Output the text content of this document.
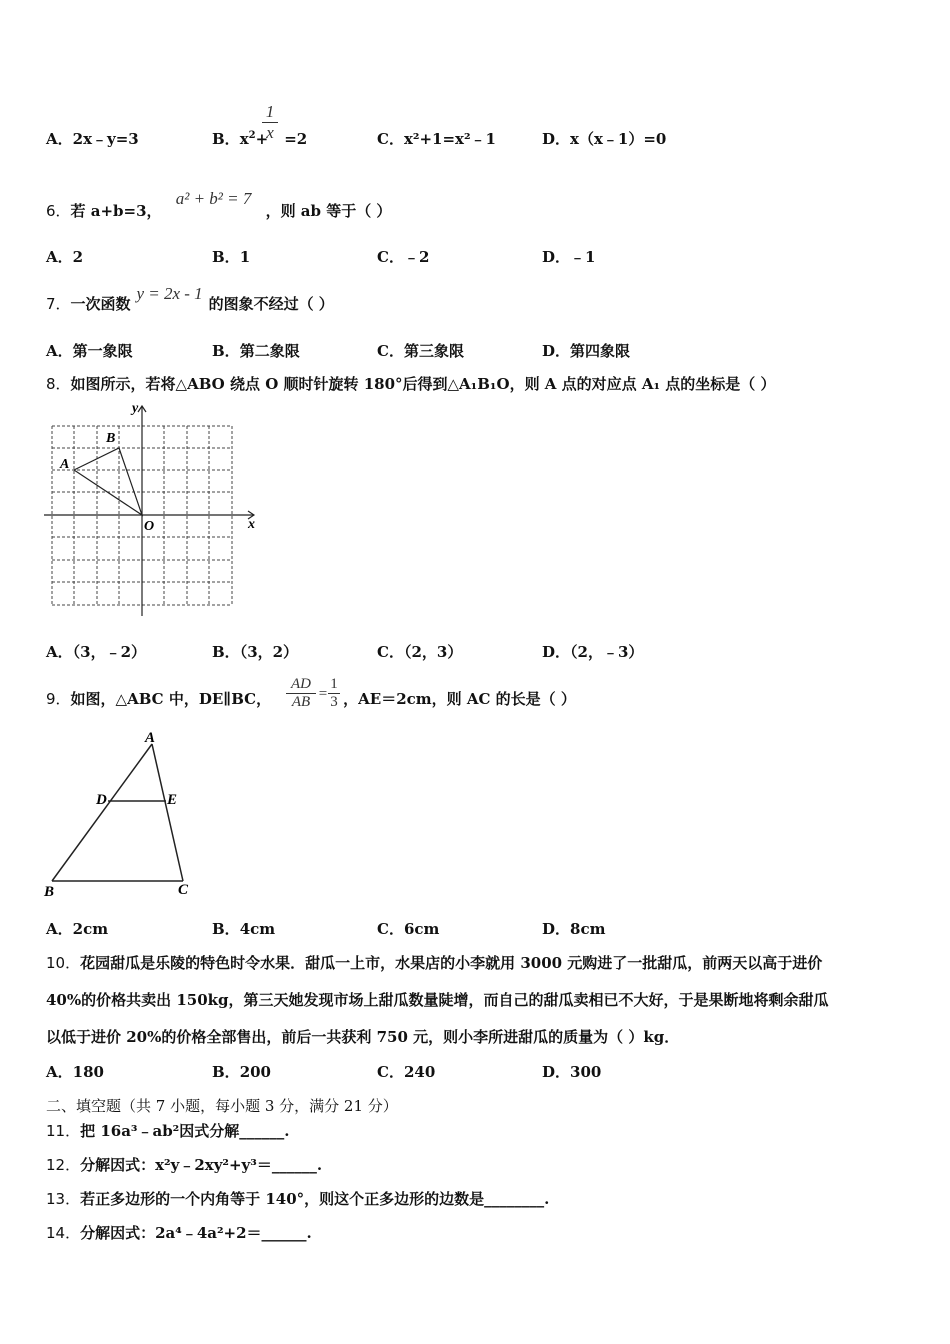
A．2x﹣y=3	B．$x^2+ =2$
1
x	C．x²+1=x²﹣1	D．x（x﹣1）=0
6．若 a+b=3，a² + b² = 7，则 ab 等于（ ）
A．2	B．1	C．﹣2	D．﹣1
7．一次函数y = 2x - 1的图象不经过（ ）
A．第一象限	B．第二象限	C．第三象限	D．第四象限
8．如图所示，若将△ABO 绕点 O 顺时针旋转 180°后得到△A₁B₁O，则 A 点的对应点 A₁ 点的坐标是（ ）
y
B
A
O	x
A．（3，﹣2）	B．（3，2）	C．（2，3）	D．（2，﹣3）
9．如图，△ABC 中，DE∥BC，	，AE＝2cm，则 AC 的长是（ ）
AD
AB =
1
3
A
D	E
B	C
A．2cm	B．4cm	C．6cm	D．8cm
10．花园甜瓜是乐陵的特色时令水果．甜瓜一上市，水果店的小李就用 3000 元购进了一批甜瓜，前两天以高于进价
40%的价格共卖出 150kg，第三天她发现市场上甜瓜数量陡增，而自己的甜瓜卖相已不大好，于是果断地将剩余甜瓜
以低于进价 20%的价格全部售出，前后一共获利 750 元，则小李所进甜瓜的质量为（ ）kg．
A．180	B．200	C．240	D．300
二、填空题（共 7 小题，每小题 3 分，满分 21 分）
11．把 16a³﹣ab²因式分解______.
12．分解因式：x²y﹣2xy²+y³＝______.
13．若正多边形的一个内角等于 140°，则这个正多边形的边数是________.
14．分解因式：2a⁴﹣4a²+2＝______.
